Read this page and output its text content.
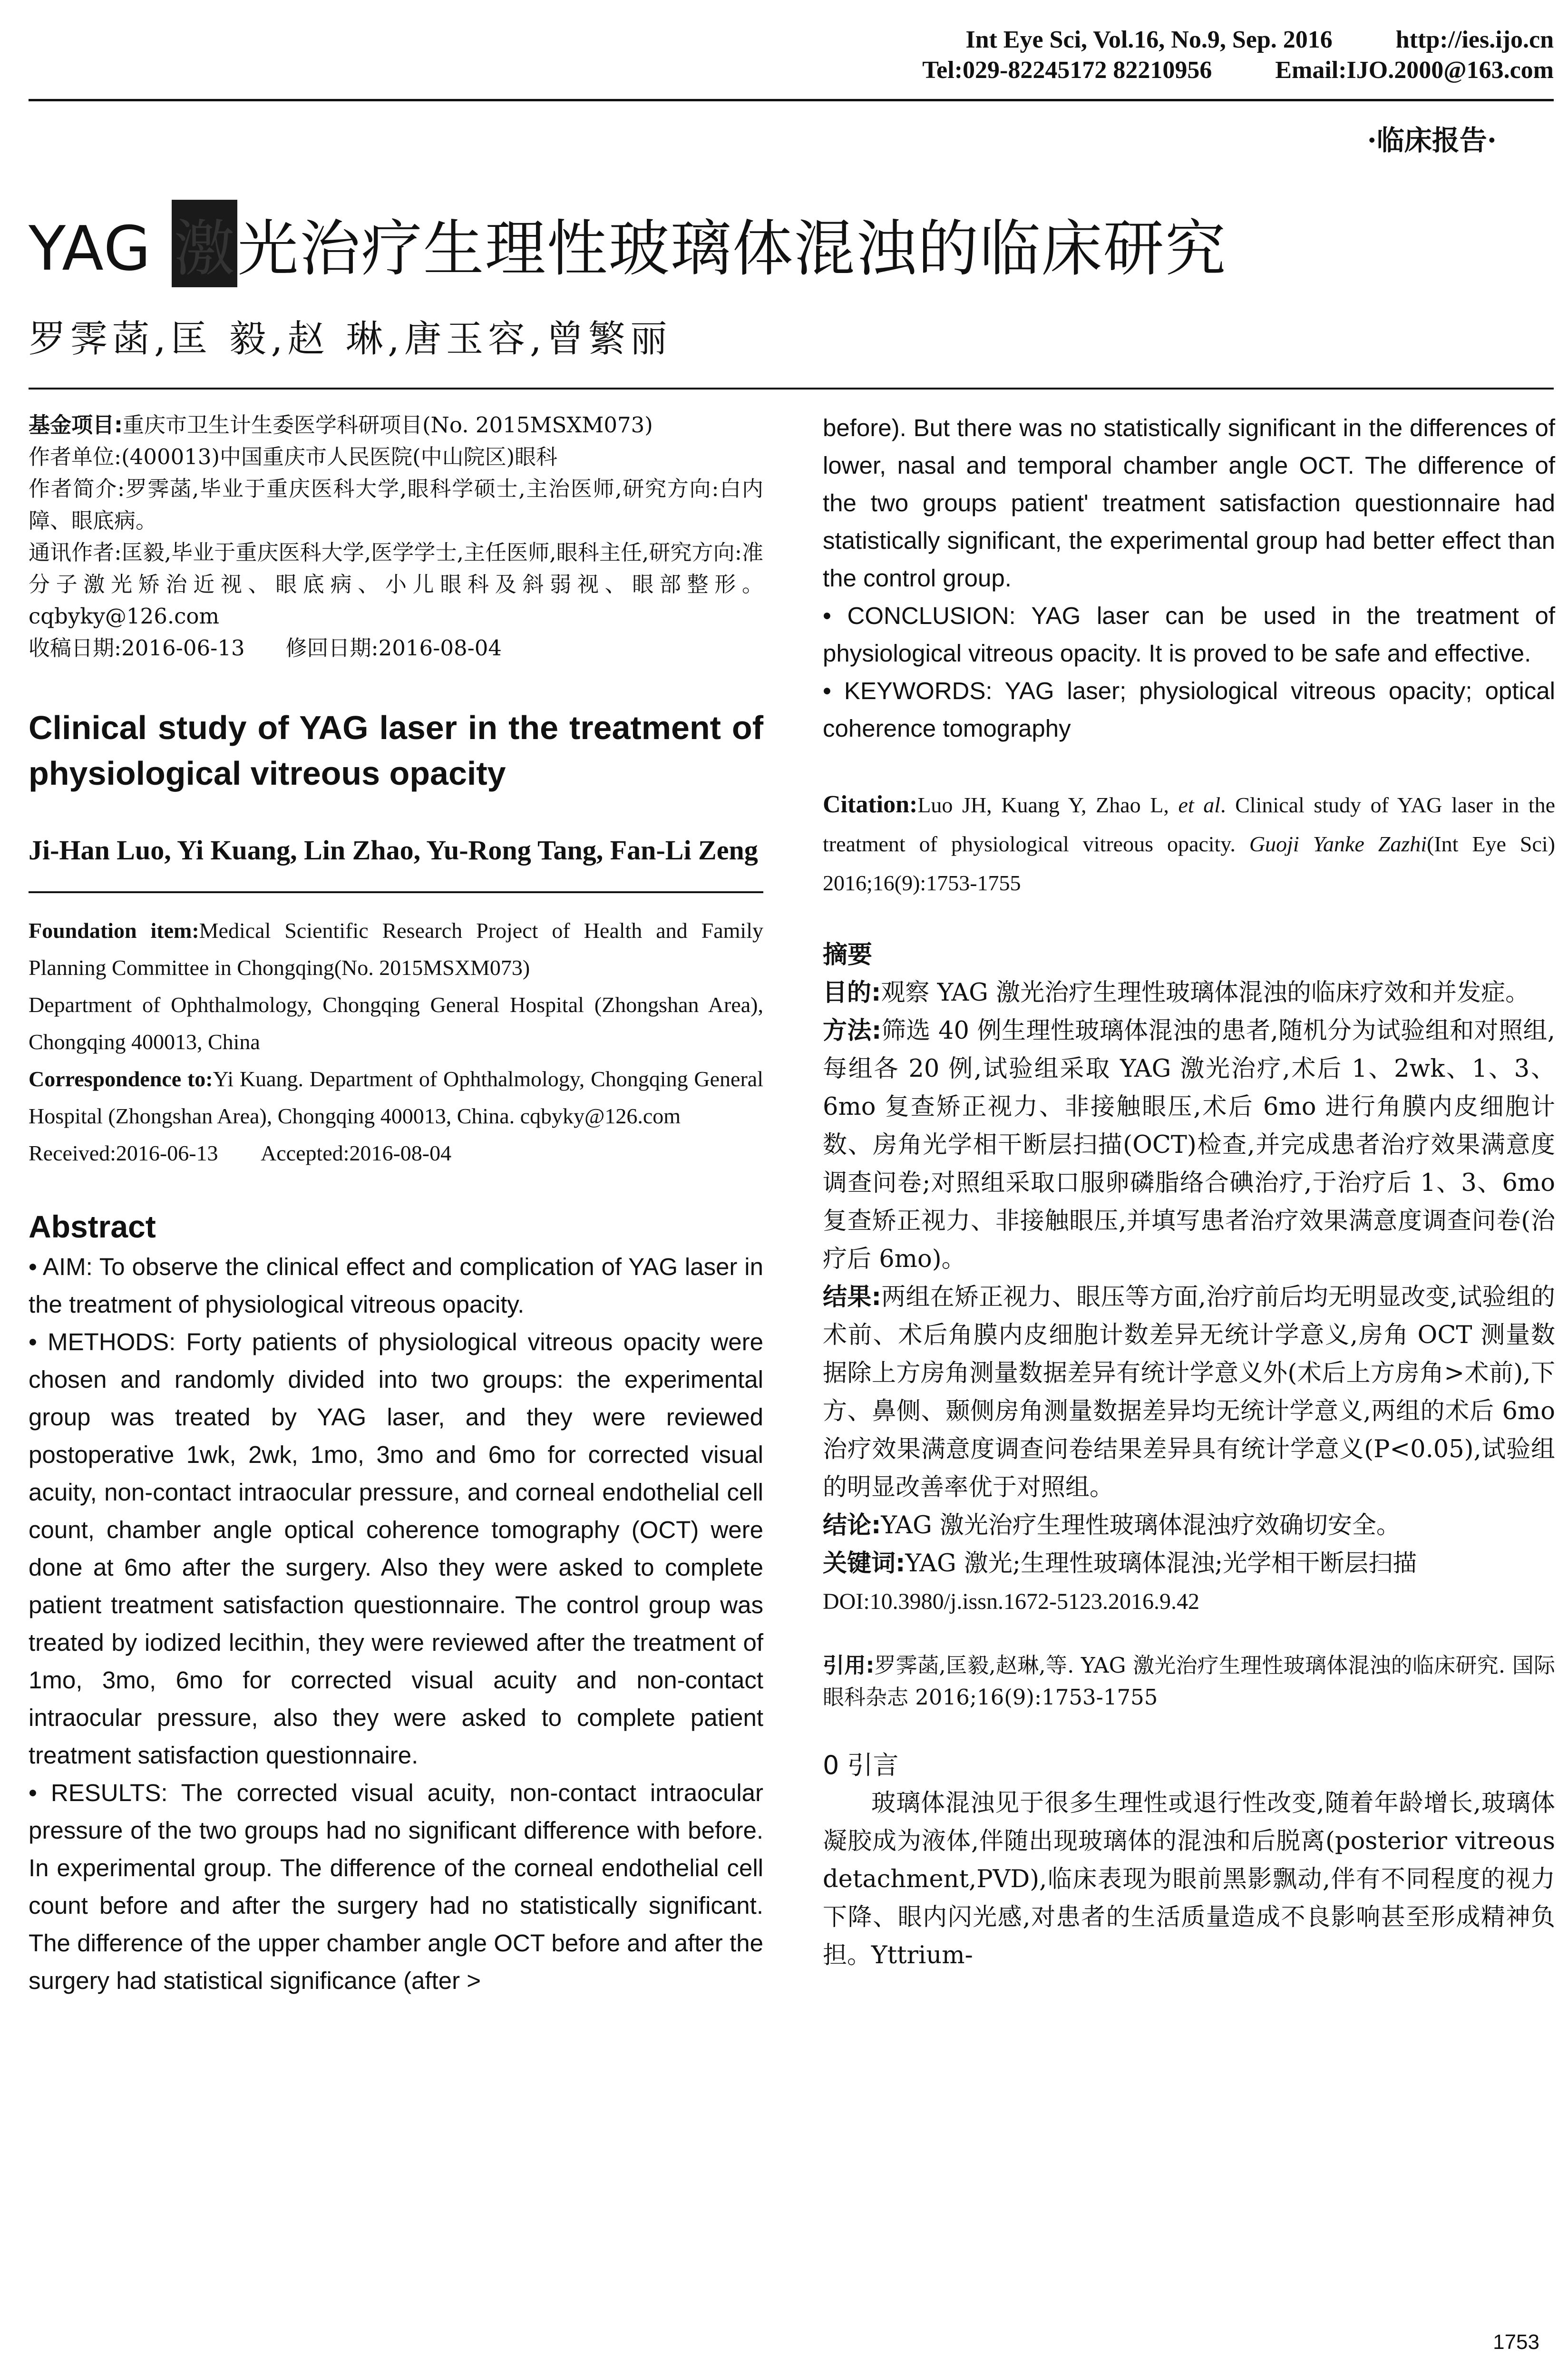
Int Eye Sci, Vol.16, No.9, Sep. 2016	http://ies.ijo.cn
Tel:029-82245172 82210956	Email:IJO.2000@163.com
·临床报告·
YAG 激光治疗生理性玻璃体混浊的临床研究
罗霁菡,匡 毅,赵 琳,唐玉容,曾繁丽

基金项目:重庆市卫生计生委医学科研项目(No. 2015MSXM073)

作者单位:(400013)中国重庆市人民医院(中山院区)眼科

作者简介:罗霁菡,毕业于重庆医科大学,眼科学硕士,主治医师,研究方向:白内障、眼底病。

通讯作者:匡毅,毕业于重庆医科大学,医学学士,主任医师,眼科主任,研究方向:准分子激光矫治近视、眼底病、小儿眼科及斜弱视、眼部整形。cqbyky@126.com

收稿日期:2016-06-13      修回日期:2016-08-04

Clinical study of YAG laser in the treatment of physiological vitreous opacity
Ji-Han Luo, Yi Kuang, Lin Zhao, Yu-Rong Tang, Fan-Li Zeng

Foundation item:Medical Scientific Research Project of Health and Family Planning Committee in Chongqing(No. 2015MSXM073)

Department of Ophthalmology, Chongqing General Hospital (Zhongshan Area), Chongqing 400013, China

Correspondence to:Yi Kuang. Department of Ophthalmology, Chongqing General Hospital (Zhongshan Area), Chongqing 400013, China. cqbyky@126.com

Received:2016-06-13        Accepted:2016-08-04

Abstract

• AIM: To observe the clinical effect and complication of YAG laser in the treatment of physiological vitreous opacity.

• METHODS: Forty patients of physiological vitreous opacity were chosen and randomly divided into two groups: the experimental group was treated by YAG laser, and they were reviewed postoperative 1wk, 2wk, 1mo, 3mo and 6mo for corrected visual acuity, non-contact intraocular pressure, and corneal endothelial cell count, chamber angle optical coherence tomography (OCT) were done at 6mo after the surgery. Also they were asked to complete patient treatment satisfaction questionnaire. The control group was treated by iodized lecithin, they were reviewed after the treatment of 1mo, 3mo, 6mo for corrected visual acuity and non-contact intraocular pressure, also they were asked to complete patient treatment satisfaction questionnaire.

• RESULTS: The corrected visual acuity, non-contact intraocular pressure of the two groups had no significant difference with before. In experimental group. The difference of the corneal endothelial cell count before and after the surgery had no statistically significant. The difference of the upper chamber angle OCT before and after the surgery had statistical significance (after >

before). But there was no statistically significant in the differences of lower, nasal and temporal chamber angle OCT. The difference of the two groups patient' treatment satisfaction questionnaire had statistically significant, the experimental group had better effect than the control group.

• CONCLUSION: YAG laser can be used in the treatment of physiological vitreous opacity. It is proved to be safe and effective.

• KEYWORDS: YAG laser; physiological vitreous opacity; optical coherence tomography

Citation:Luo JH, Kuang Y, Zhao L, et al. Clinical study of YAG laser in the treatment of physiological vitreous opacity. Guoji Yanke Zazhi(Int Eye Sci) 2016;16(9):1753-1755

摘要

目的:观察 YAG 激光治疗生理性玻璃体混浊的临床疗效和并发症。

方法:筛选 40 例生理性玻璃体混浊的患者,随机分为试验组和对照组,每组各 20 例,试验组采取 YAG 激光治疗,术后 1、2wk、1、3、6mo 复查矫正视力、非接触眼压,术后 6mo 进行角膜内皮细胞计数、房角光学相干断层扫描(OCT)检查,并完成患者治疗效果满意度调查问卷;对照组采取口服卵磷脂络合碘治疗,于治疗后 1、3、6mo 复查矫正视力、非接触眼压,并填写患者治疗效果满意度调查问卷(治疗后 6mo)。

结果:两组在矫正视力、眼压等方面,治疗前后均无明显改变,试验组的术前、术后角膜内皮细胞计数差异无统计学意义,房角 OCT 测量数据除上方房角测量数据差异有统计学意义外(术后上方房角>术前),下方、鼻侧、颞侧房角测量数据差异均无统计学意义,两组的术后 6mo 治疗效果满意度调查问卷结果差异具有统计学意义(P<0.05),试验组的明显改善率优于对照组。

结论:YAG 激光治疗生理性玻璃体混浊疗效确切安全。

关键词:YAG 激光;生理性玻璃体混浊;光学相干断层扫描

DOI:10.3980/j.issn.1672-5123.2016.9.42

引用:罗霁菡,匡毅,赵琳,等. YAG 激光治疗生理性玻璃体混浊的临床研究. 国际眼科杂志 2016;16(9):1753-1755

0 引言

玻璃体混浊见于很多生理性或退行性改变,随着年龄增长,玻璃体凝胶成为液体,伴随出现玻璃体的混浊和后脱离(posterior vitreous detachment,PVD),临床表现为眼前黑影飘动,伴有不同程度的视力下降、眼内闪光感,对患者的生活质量造成不良影响甚至形成精神负担。Yttrium-

1753
